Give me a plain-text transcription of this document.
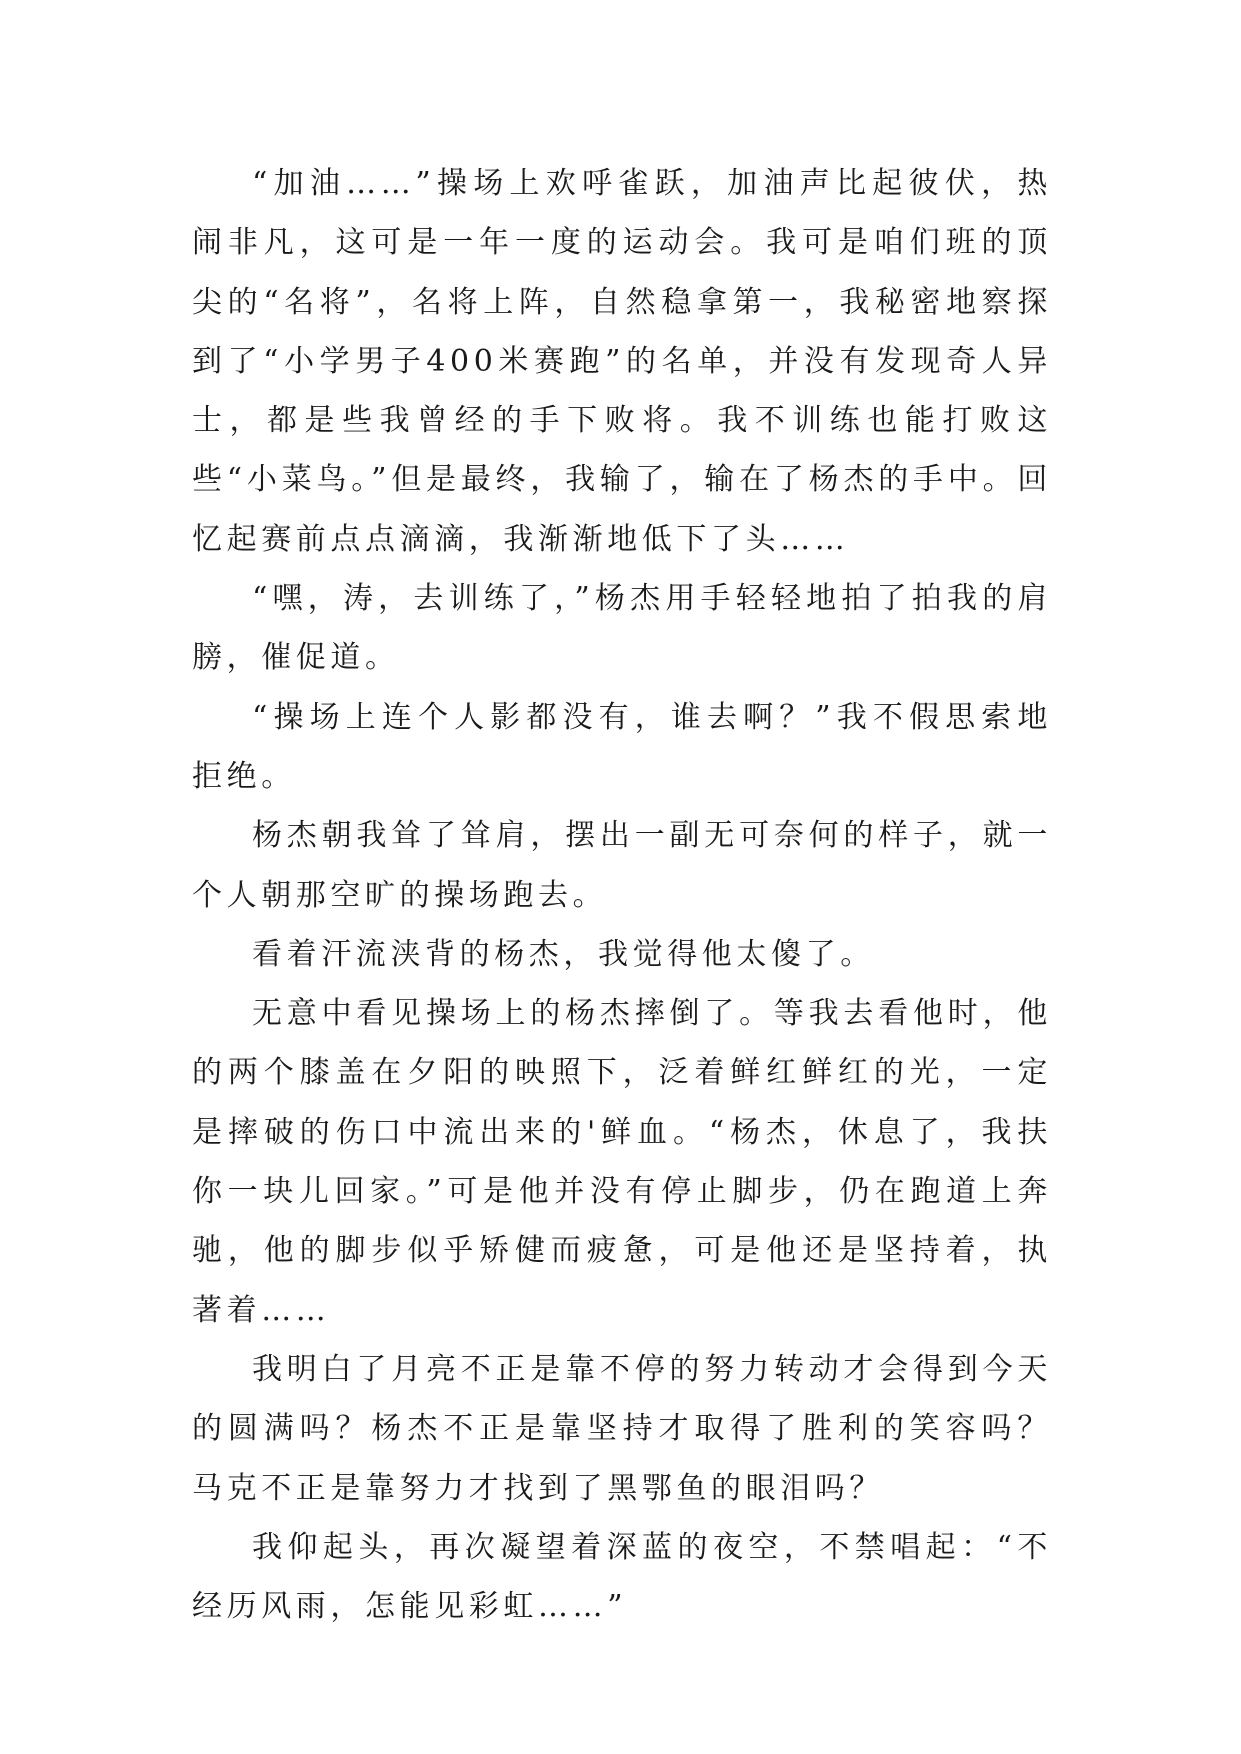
“加油……”操场上欢呼雀跃，加油声比起彼伏，热闹非凡，这可是一年一度的运动会。我可是咱们班的顶尖的“名将”，名将上阵，自然稳拿第一，我秘密地察探到了“小学男子400米赛跑”的名单，并没有发现奇人异士，都是些我曾经的手下败将。我不训练也能打败这些“小菜鸟。”但是最终，我输了，输在了杨杰的手中。回忆起赛前点点滴滴，我渐渐地低下了头……

“嘿，涛，去训练了，”杨杰用手轻轻地拍了拍我的肩膀，催促道。

“操场上连个人影都没有，谁去啊？”我不假思索地拒绝。

杨杰朝我耸了耸肩，摆出一副无可奈何的样子，就一个人朝那空旷的操场跑去。

看着汗流浃背的杨杰，我觉得他太傻了。

无意中看见操场上的杨杰摔倒了。等我去看他时，他的两个膝盖在夕阳的映照下，泛着鲜红鲜红的光，一定是摔破的伤口中流出来的'鲜血。“杨杰，休息了，我扶你一块儿回家。”可是他并没有停止脚步，仍在跑道上奔驰，他的脚步似乎矫健而疲惫，可是他还是坚持着，执著着……

我明白了月亮不正是靠不停的努力转动才会得到今天的圆满吗？杨杰不正是靠坚持才取得了胜利的笑容吗？马克不正是靠努力才找到了黑鄂鱼的眼泪吗？

我仰起头，再次凝望着深蓝的夜空，不禁唱起：“不经历风雨，怎能见彩虹……”
